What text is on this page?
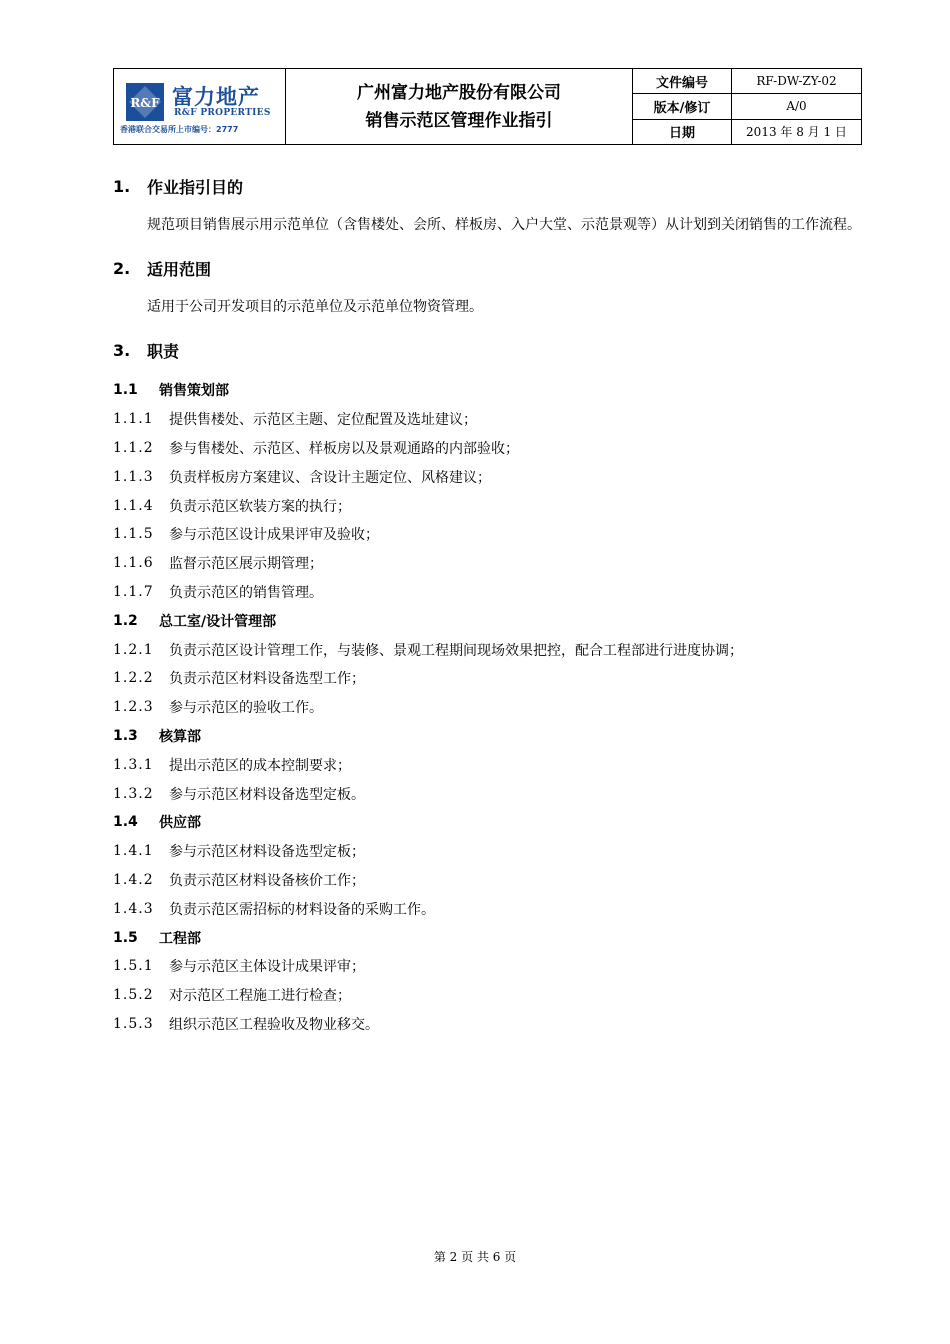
R&F 富力地产
R&F PROPERTIES
香港联合交易所上市编号：2777
广州富力地产股份有限公司
销售示范区管理作业指引
文件编号	RF-DW-ZY-02
版本/修订	A/0
日期	2013 年 8 月 1 日
1.	作业指引目的
规范项目销售展示用示范单位（含售楼处、会所、样板房、入户大堂、示范景观等）从计划到关闭销售的工作流程。
2.	适用范围
适用于公司开发项目的示范单位及示范单位物资管理。
3.	职责
1.1	销售策划部
1.1.1	提供售楼处、示范区主题、定位配置及选址建议；
1.1.2	参与售楼处、示范区、样板房以及景观通路的内部验收；
1.1.3	负责样板房方案建议、含设计主题定位、风格建议；
1.1.4	负责示范区软装方案的执行；
1.1.5	参与示范区设计成果评审及验收；
1.1.6	监督示范区展示期管理；
1.1.7	负责示范区的销售管理。
1.2	总工室/设计管理部
1.2.1	负责示范区设计管理工作，与装修、景观工程期间现场效果把控，配合工程部进行进度协调；
1.2.2	负责示范区材料设备选型工作；
1.2.3	参与示范区的验收工作。
1.3	核算部
1.3.1	提出示范区的成本控制要求；
1.3.2	参与示范区材料设备选型定板。
1.4	供应部
1.4.1	参与示范区材料设备选型定板；
1.4.2	负责示范区材料设备核价工作；
1.4.3	负责示范区需招标的材料设备的采购工作。
1.5	工程部
1.5.1	参与示范区主体设计成果评审；
1.5.2	对示范区工程施工进行检查；
1.5.3	组织示范区工程验收及物业移交。
第 2 页 共 6 页
